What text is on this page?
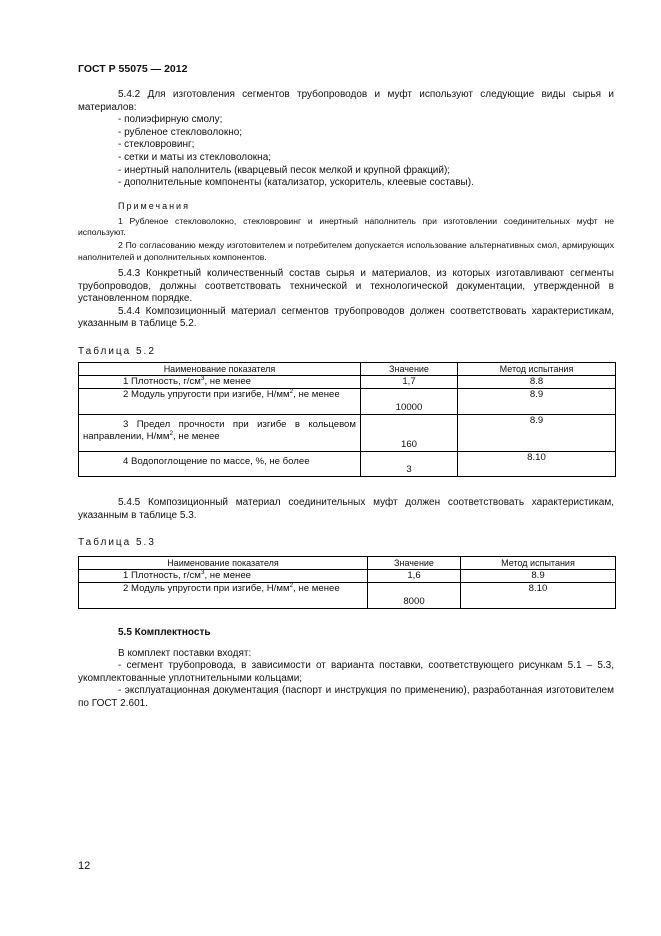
ГОСТ Р 55075 — 2012

5.4.2 Для изготовления сегментов трубопроводов и муфт используют следующие виды сырья и материалов:

- полиэфирную смолу;

- рубленое стекловолокно;

- стекловровинг;

- сетки и маты из стекловолокна;

- инертный наполнитель (кварцевый песок мелкой и крупной фракций);

- дополнительные компоненты (катализатор, ускоритель, клеевые составы).

Примечания

1 Рубленое стекловолокно, стекловровинг и инертный наполнитель при изготовлении соединительных муфт не используют.

2 По согласованию между изготовителем и потребителем допускается использование альтернативных смол, армирующих наполнителей и дополнительных компонентов.

5.4.3 Конкретный количественный состав сырья и материалов, из которых изготавливают сегменты трубопроводов, должны соответствовать технической и технологической документации, утвержденной в установленном порядке.

5.4.4 Композиционный материал сегментов трубопроводов должен соответствовать характеристикам, указанным в таблице 5.2.

Таблица 5.2
Наименование показателя	Значение	Метод испытания
1 Плотность, $г/см^3$, не менее	1,7	8.8
2 Модуль упругости при изгибе, $Н/мм^2$, не менее	10000	8.9
3 Предел прочности при изгибе в кольцевом направлении, $Н/мм^2$, не менее	160	8.9
4 Водопоглощение по массе, %, не более	3	8.10

5.4.5 Композиционный материал соединительных муфт должен соответствовать характеристикам, указанным в таблице 5.3.

Таблица 5.3
Наименование показателя	Значение	Метод испытания
1 Плотность, $г/см^3$, не менее	1,6	8.9
2 Модуль упругости при изгибе, $Н/мм^2$, не менее	8000	8.10

5.5 Комплектность

В комплект поставки входят:

- сегмент трубопровода, в зависимости от варианта поставки, соответствующего рисункам 5.1 – 5.3, укомплектованные уплотнительными кольцами;

- эксплуатационная документация (паспорт и инструкция по применению), разработанная изготовителем по ГОСТ 2.601.

12
